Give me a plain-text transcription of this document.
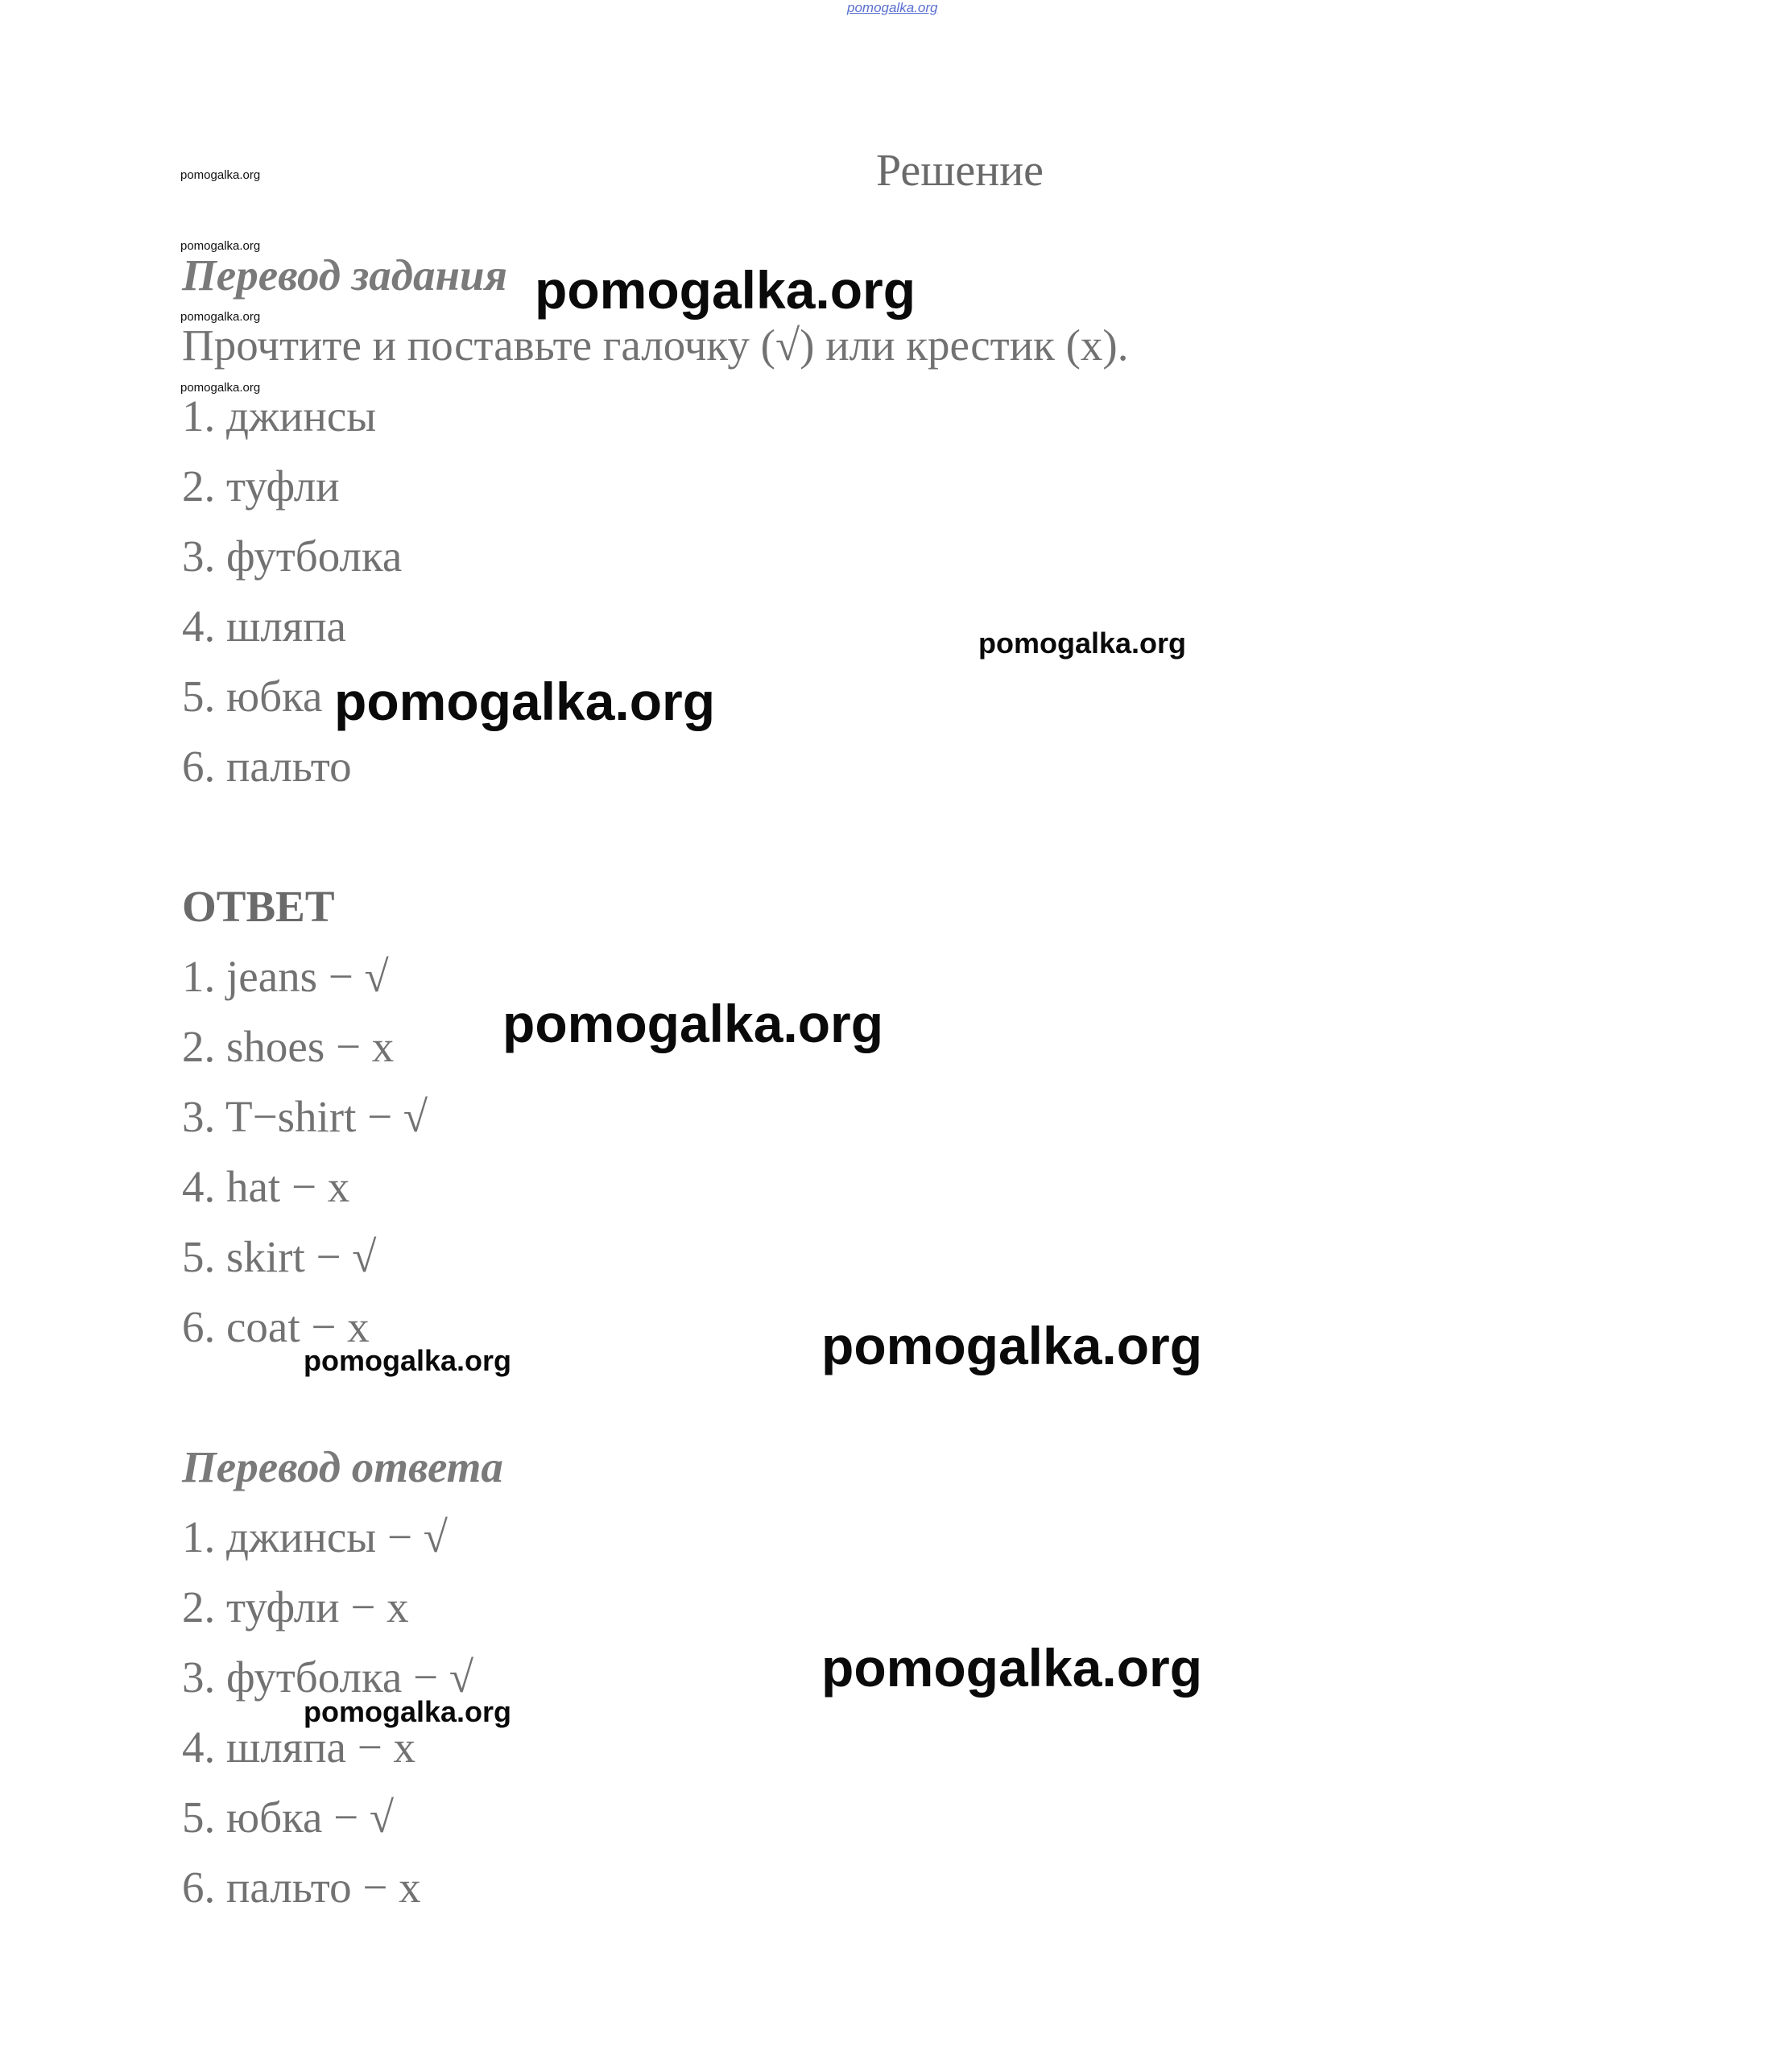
pomogalka.org
Решение
pomogalka.org
pomogalka.org
pomogalka.org
pomogalka.org
Перевод задания
Прочтите и поставьте галочку (√) или крестик (x).
1. джинсы
2. туфли
3. футболка
4. шляпа
5. юбка
6. пальто
ОТВЕТ
1. jeans − √
2. shoes − x
3. T−shirt − √
4. hat − x
5. skirt − √
6. coat − x
Перевод ответа
1. джинсы − √
2. туфли − x
3. футболка − √
4. шляпа − x
5. юбка − √
6. пальто − x
pomogalka.org
pomogalka.org
pomogalka.org
pomogalka.org
pomogalka.org
pomogalka.org
pomogalka.org
pomogalka.org
